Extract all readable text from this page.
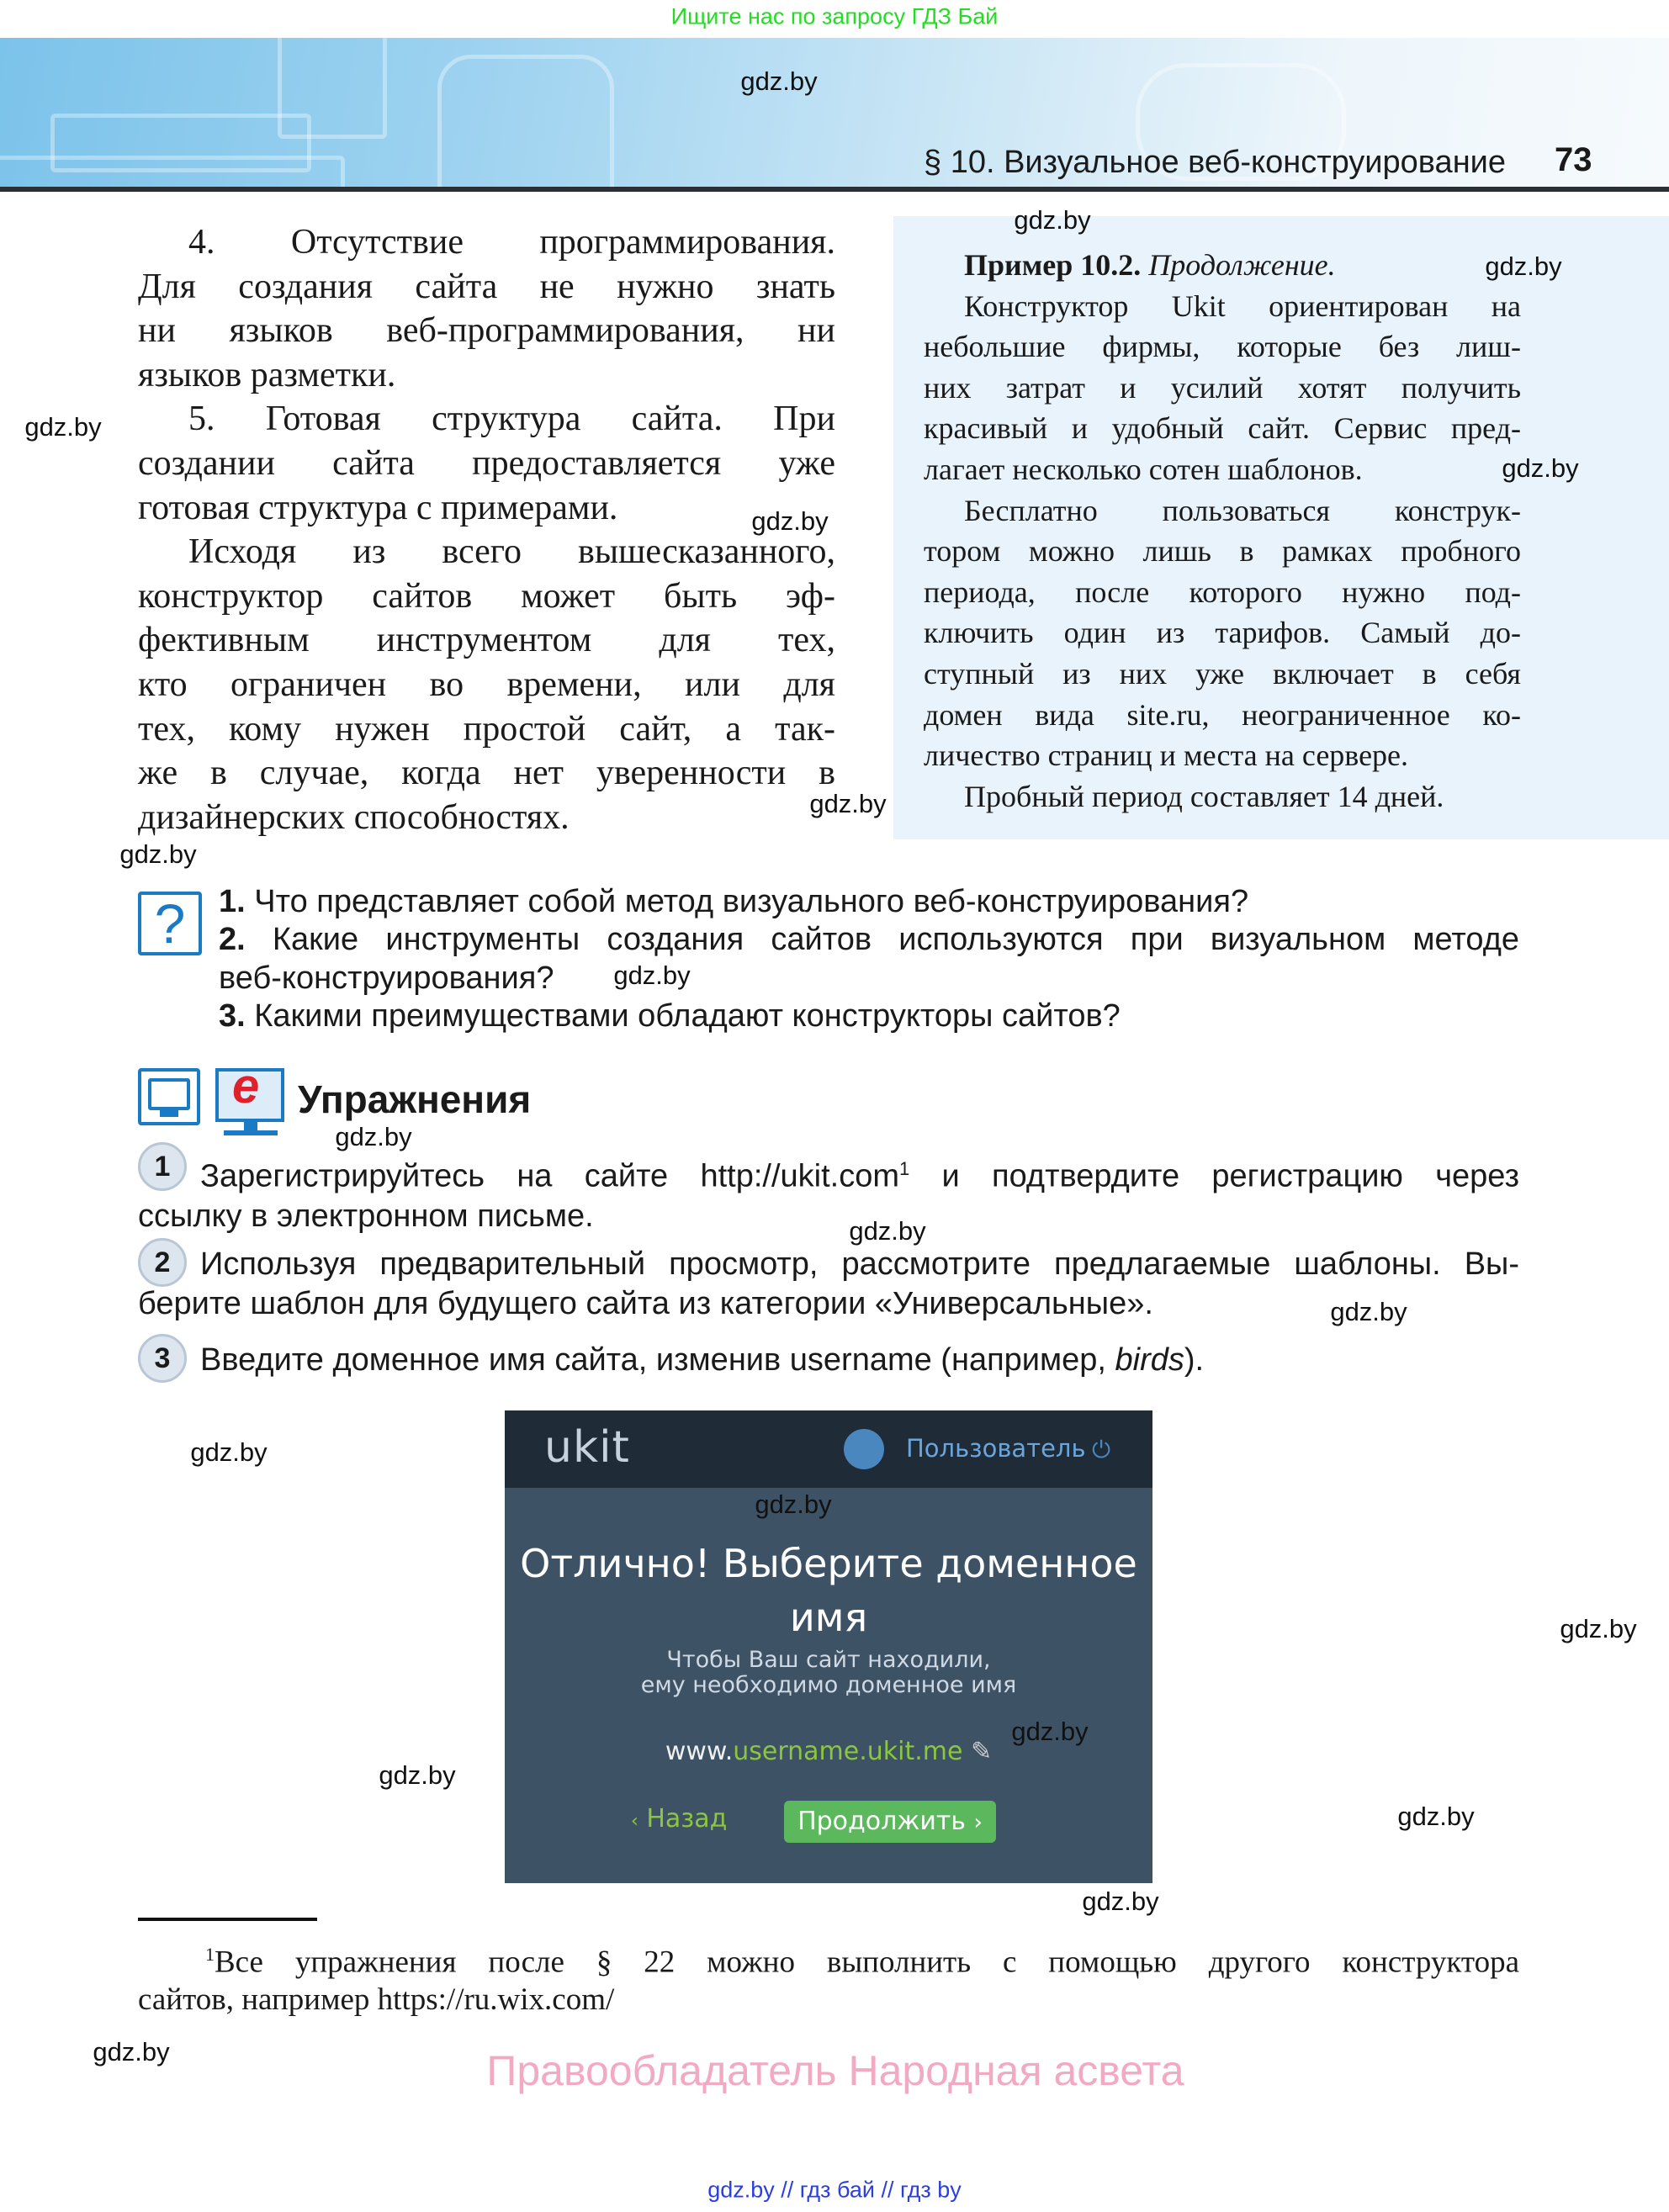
Ищите нас по запросу ГДЗ Бай
§ 10. Визуальное веб-конструирование 73
4. Отсутствие программирования.
Для создания сайта не нужно знать
ни языков веб-программирования, ни
языков разметки.
5. Готовая структура сайта. При
создании сайта предоставляется уже
готовая структура с примерами.
Исходя из всего вышесказанного,
конструктор сайтов может быть эф-
фективным инструментом для тех,
кто ограничен во времени, или для
тех, кому нужен простой сайт, а так-
же в случае, когда нет уверенности в
дизайнерских способностях.
Пример 10.2. Продолжение.
Конструктор Ukit ориентирован на
небольшие фирмы, которые без лиш-
них затрат и усилий хотят получить
красивый и удобный сайт. Сервис пред-
лагает несколько сотен шаблонов.
Бесплатно пользоваться конструк-
тором можно лишь в рамках пробного
периода, после которого нужно под-
ключить один из тарифов. Самый до-
ступный из них уже включает в себя
домен вида site.ru, неограниченное ко-
личество страниц и места на сервере.
Пробный период составляет 14 дней.
?	1. Что представляет собой метод визуального веб-конструирования?
2. Какие инструменты создания сайтов используются при визуальном методе
веб-конструирования?
3. Какими преимуществами обладают конструкторы сайтов?
e Упражнения
1 Зарегистрируйтесь на сайте http://ukit.com$^1$ и подтвердите регистрацию через
ссылку в электронном письме.
2 Используя предварительный просмотр, рассмотрите предлагаемые шаблоны. Вы-
берите шаблон для будущего сайта из категории «Универсальные».
3 Введите доменное имя сайта, изменив username (например, birds).
ukit	Пользователь ⏻
Отлично! Выберите доменное
имя
Чтобы Ваш сайт находили,
ему необходимо доменное имя
www.username.ukit.me ✎
‹ Назад	Продолжить ›
$^1$Все упражнения после § 22 можно выполнить с помощью другого конструктора
сайтов, например https://ru.wix.com/
Правообладатель Народная асвета
gdz.by // гдз бай // гдз by
gdz.by
gdz.by
gdz.by
gdz.by
gdz.by
gdz.by
gdz.by
gdz.by
gdz.by
gdz.by
gdz.by
gdz.by
gdz.by
gdz.by
gdz.by
gdz.by
gdz.by
gdz.by
gdz.by
gdz.by
